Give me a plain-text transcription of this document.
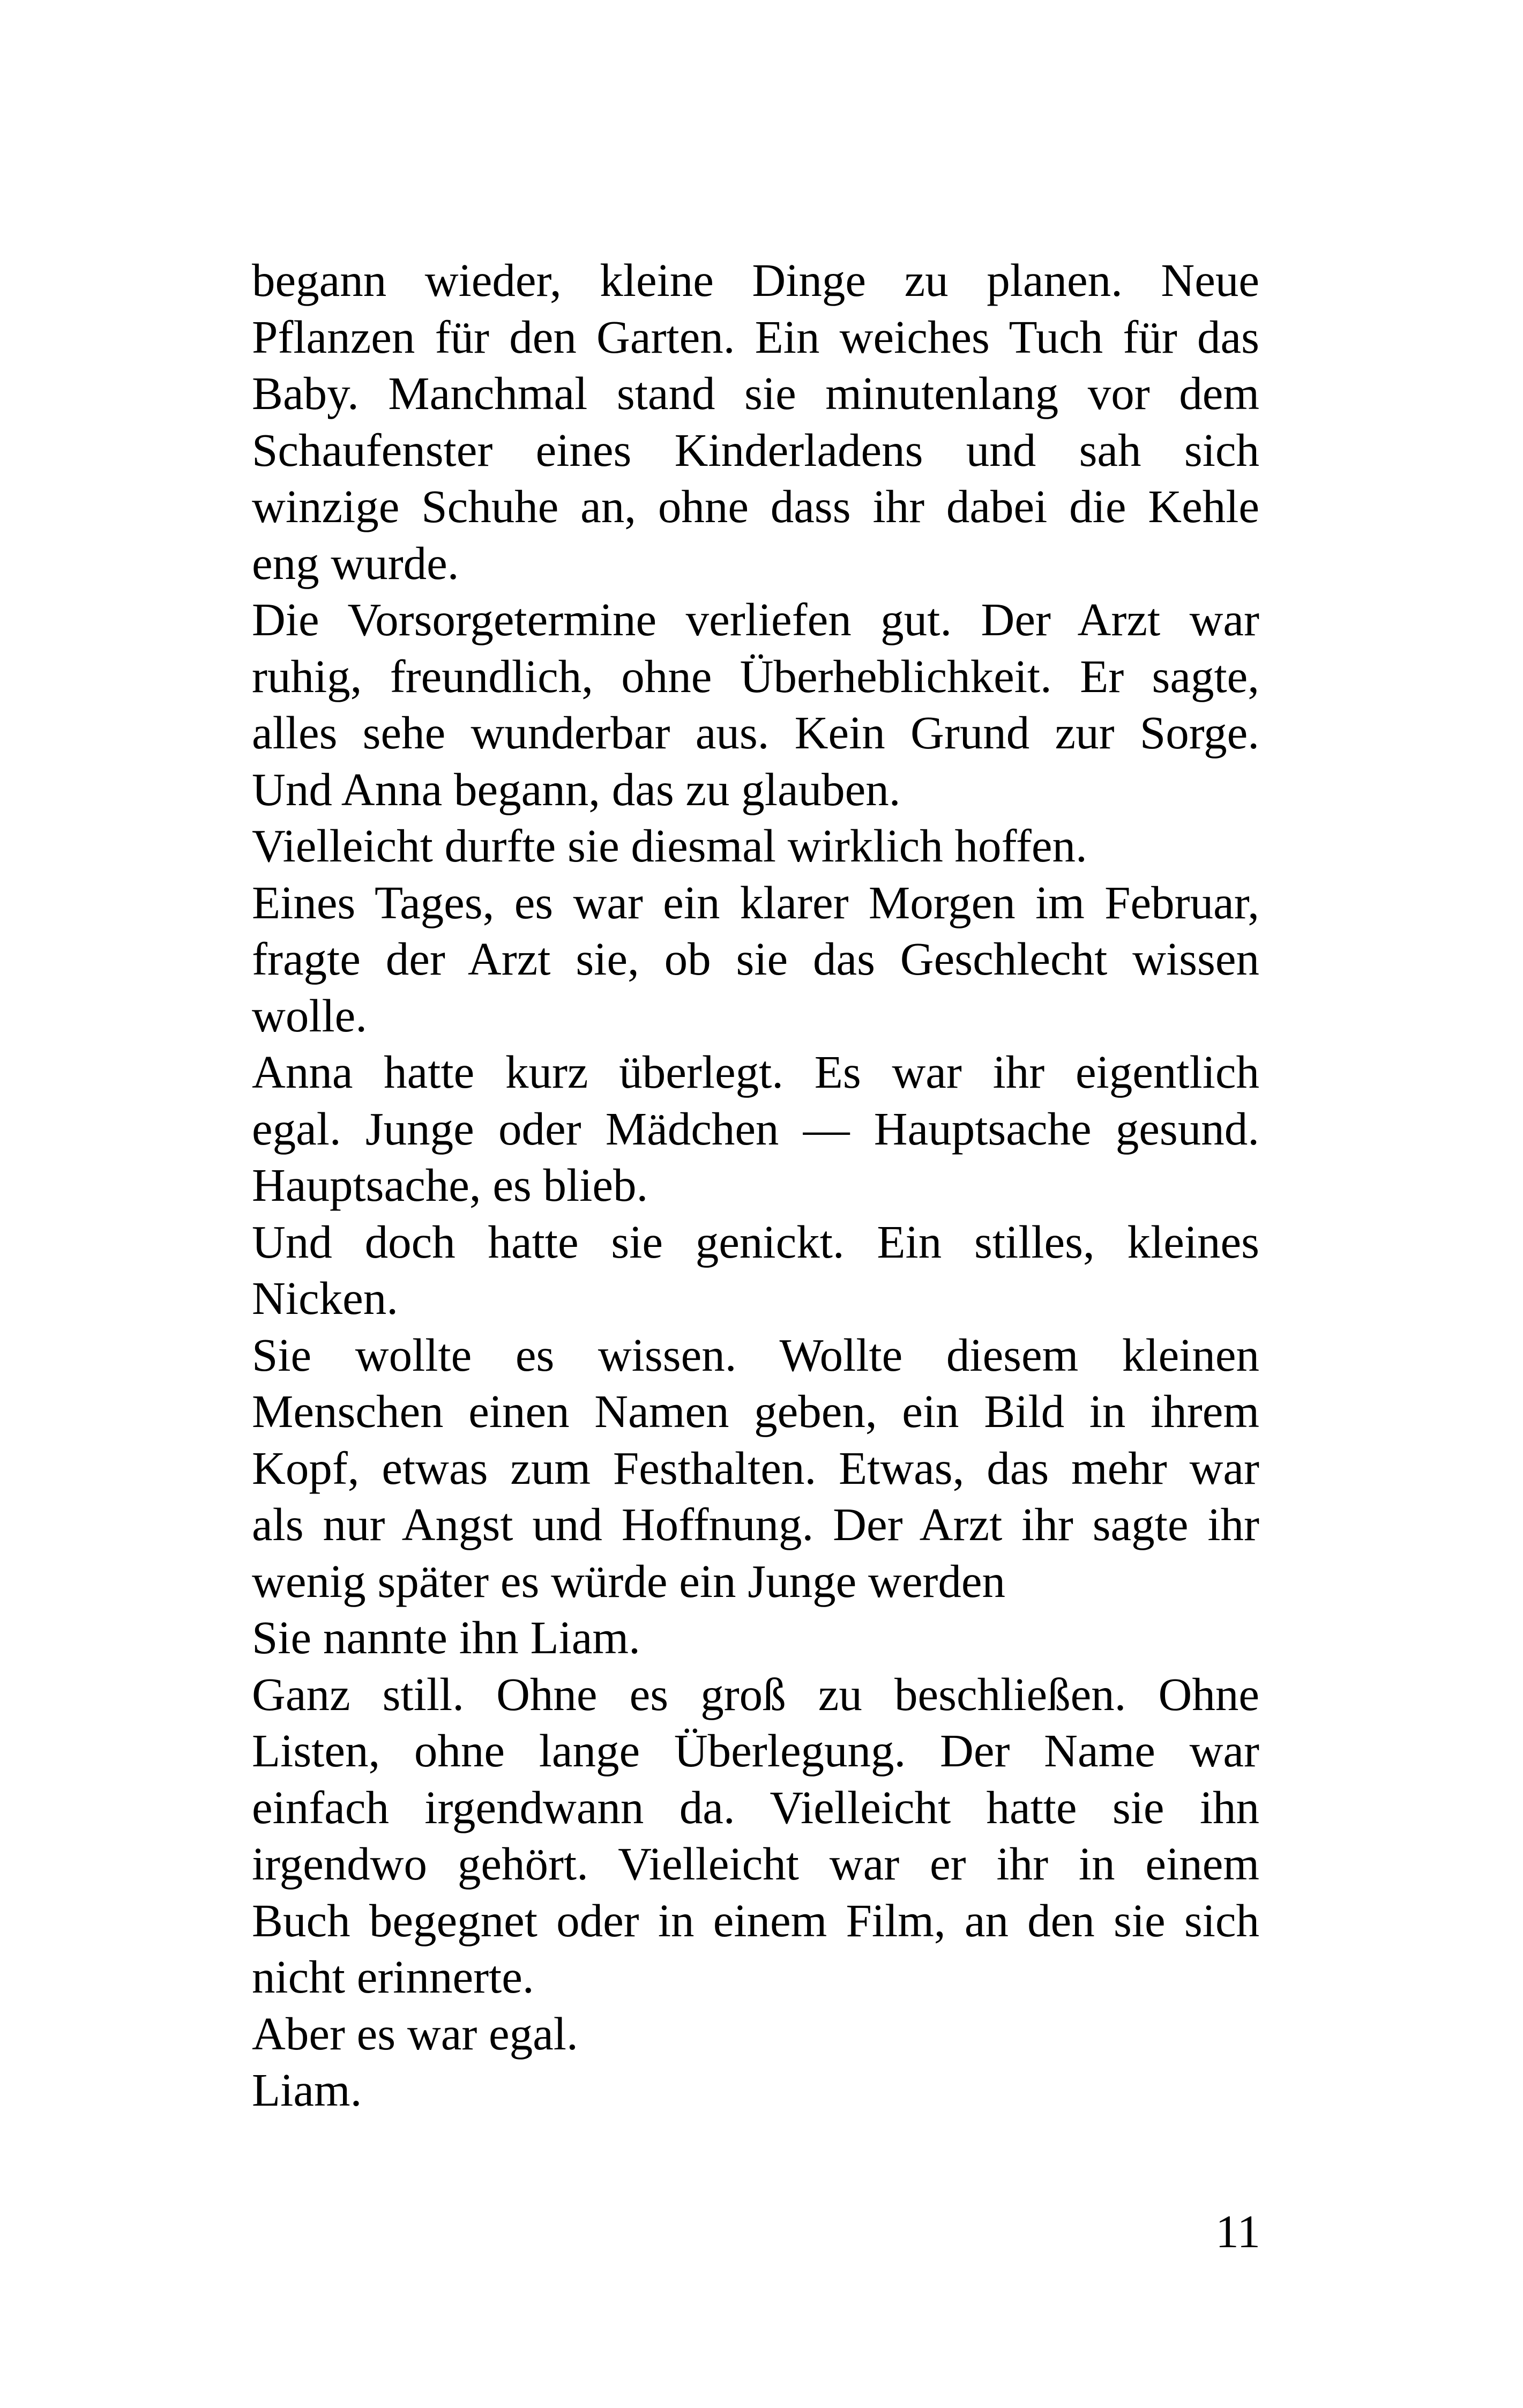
begann wieder, kleine Dinge zu planen. Neue
Pflanzen für den Garten. Ein weiches Tuch für das
Baby. Manchmal stand sie minutenlang vor dem
Schaufenster eines Kinderladens und sah sich
winzige Schuhe an, ohne dass ihr dabei die Kehle
eng wurde.
Die Vorsorgetermine verliefen gut. Der Arzt war
ruhig, freundlich, ohne Überheblichkeit. Er sagte,
alles sehe wunderbar aus. Kein Grund zur Sorge.
Und Anna begann, das zu glauben.
Vielleicht durfte sie diesmal wirklich hoffen.
Eines Tages, es war ein klarer Morgen im Februar,
fragte der Arzt sie, ob sie das Geschlecht wissen
wolle.
Anna hatte kurz überlegt. Es war ihr eigentlich
egal. Junge oder Mädchen — Hauptsache gesund.
Hauptsache, es blieb.
Und doch hatte sie genickt. Ein stilles, kleines
Nicken.
Sie wollte es wissen. Wollte diesem kleinen
Menschen einen Namen geben, ein Bild in ihrem
Kopf, etwas zum Festhalten. Etwas, das mehr war
als nur Angst und Hoffnung. Der Arzt ihr sagte ihr
wenig später es würde ein Junge werden
Sie nannte ihn Liam.
Ganz still. Ohne es groß zu beschließen. Ohne
Listen, ohne lange Überlegung. Der Name war
einfach irgendwann da. Vielleicht hatte sie ihn
irgendwo gehört. Vielleicht war er ihr in einem
Buch begegnet oder in einem Film, an den sie sich
nicht erinnerte.
Aber es war egal.
Liam.
11
